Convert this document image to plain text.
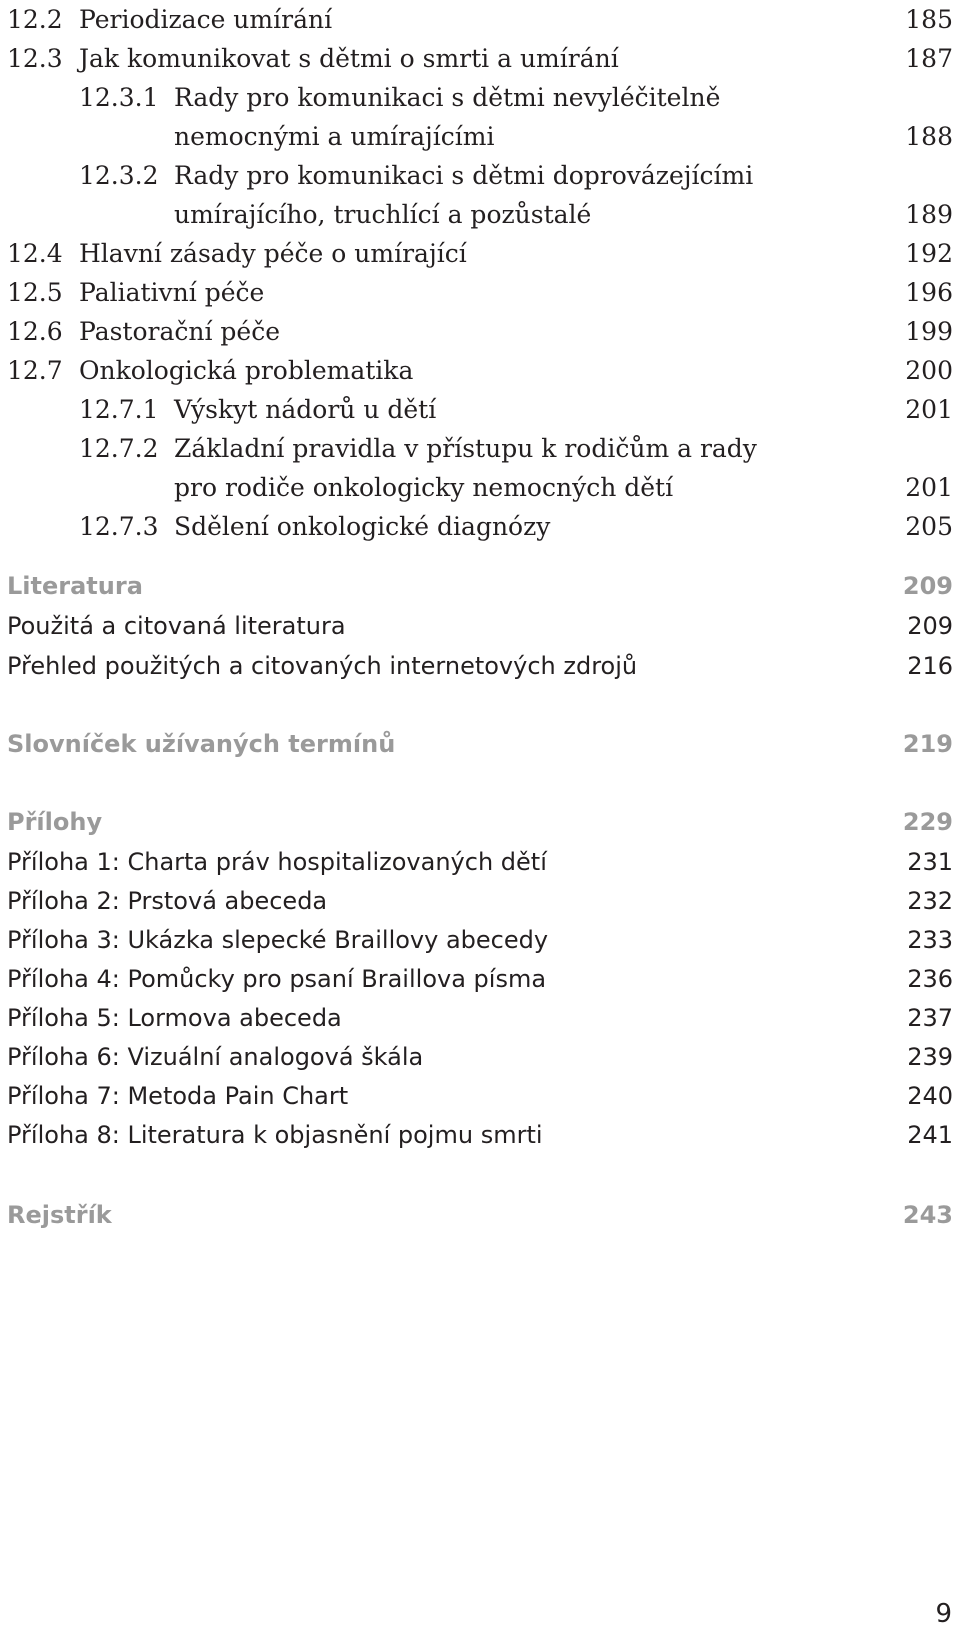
12.2 Periodizace umírání	185
12.3 Jak komunikovat s dětmi o smrti a umírání	187
12.3.1 Rady pro komunikaci s dětmi nevyléčitelně
nemocnými a umírajícími	188
12.3.2 Rady pro komunikaci s dětmi doprovázejícími
umírajícího, truchlící a pozůstalé	189
12.4 Hlavní zásady péče o umírající	192
12.5 Paliativní péče	196
12.6 Pastorační péče	199
12.7 Onkologická problematika	200
12.7.1 Výskyt nádorů u dětí	201
12.7.2 Základní pravidla v přístupu k rodičům a rady
pro rodiče onkologicky nemocných dětí	201
12.7.3 Sdělení onkologické diagnózy	205
Literatura	209
Použitá a citovaná literatura	209
Přehled použitých a citovaných internetových zdrojů	216
Slovníček užívaných termínů	219
Přílohy	229
Příloha 1: Charta práv hospitalizovaných dětí	231
Příloha 2: Prstová abeceda	232
Příloha 3: Ukázka slepecké Braillovy abecedy	233
Příloha 4: Pomůcky pro psaní Braillova písma	236
Příloha 5: Lormova abeceda	237
Příloha 6: Vizuální analogová škála	239
Příloha 7: Metoda Pain Chart	240
Příloha 8: Literatura k objasnění pojmu smrti	241
Rejstřík	243
9
